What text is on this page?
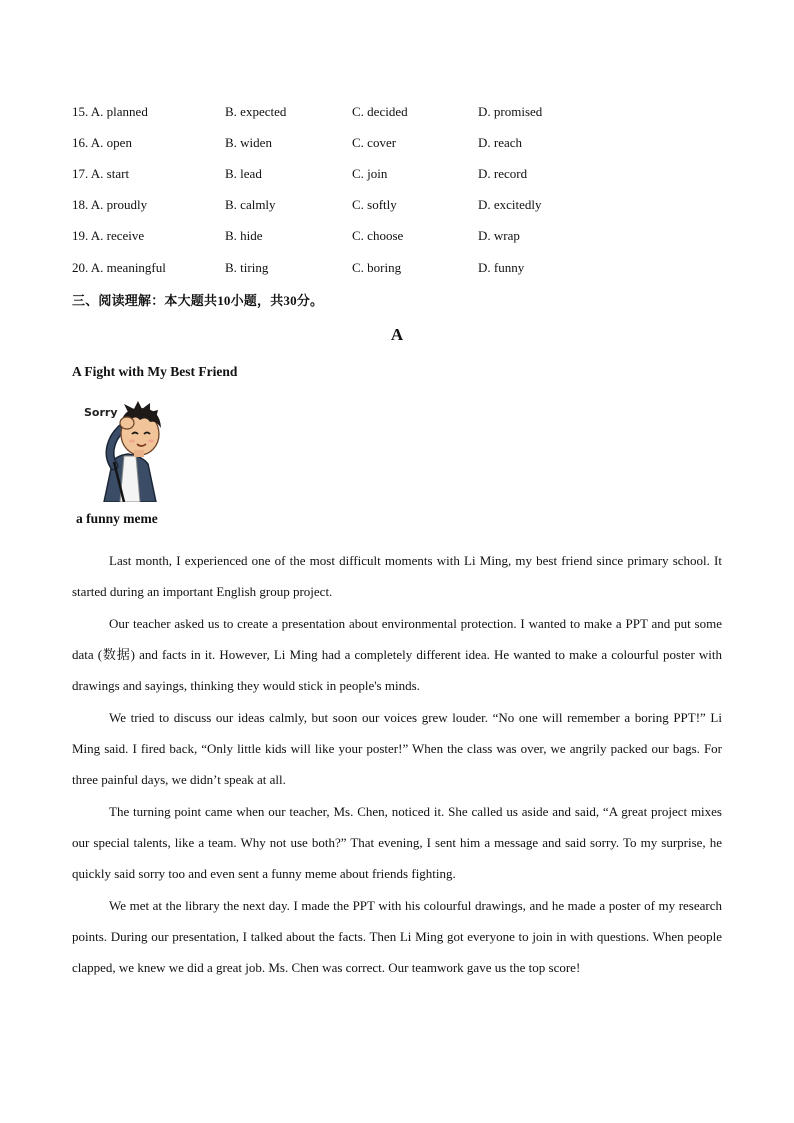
15. A. planned	B. expected	C. decided	D. promised
16. A. open	B. widen	C. cover	D. reach
17. A. start	B. lead	C. join	D. record
18. A. proudly	B. calmly	C. softly	D. excitedly
19. A. receive	B. hide	C. choose	D. wrap
20. A. meaningful	B. tiring	C. boring	D. funny
三、阅读理解：本大题共10小题，共30分。
A
A Fight with My Best Friend
Sorry
a funny meme

Last month, I experienced one of the most difficult moments with Li Ming, my best friend since primary school. It started during an important English group project.

Our teacher asked us to create a presentation about environmental protection. I wanted to make a PPT and put some data (数据) and facts in it. However, Li Ming had a completely different idea. He wanted to make a colourful poster with drawings and sayings, thinking they would stick in people's minds.

We tried to discuss our ideas calmly, but soon our voices grew louder. “No one will remember a boring PPT!” Li Ming said. I fired back, “Only little kids will like your poster!” When the class was over, we angrily packed our bags. For three painful days, we didn’t speak at all.

The turning point came when our teacher, Ms. Chen, noticed it. She called us aside and said, “A great project mixes our special talents, like a team. Why not use both?” That evening, I sent him a message and said sorry. To my surprise, he quickly said sorry too and even sent a funny meme about friends fighting.

We met at the library the next day. I made the PPT with his colourful drawings, and he made a poster of my research points. During our presentation, I talked about the facts. Then Li Ming got everyone to join in with questions. When people clapped, we knew we did a great job. Ms. Chen was correct. Our teamwork gave us the top score!
